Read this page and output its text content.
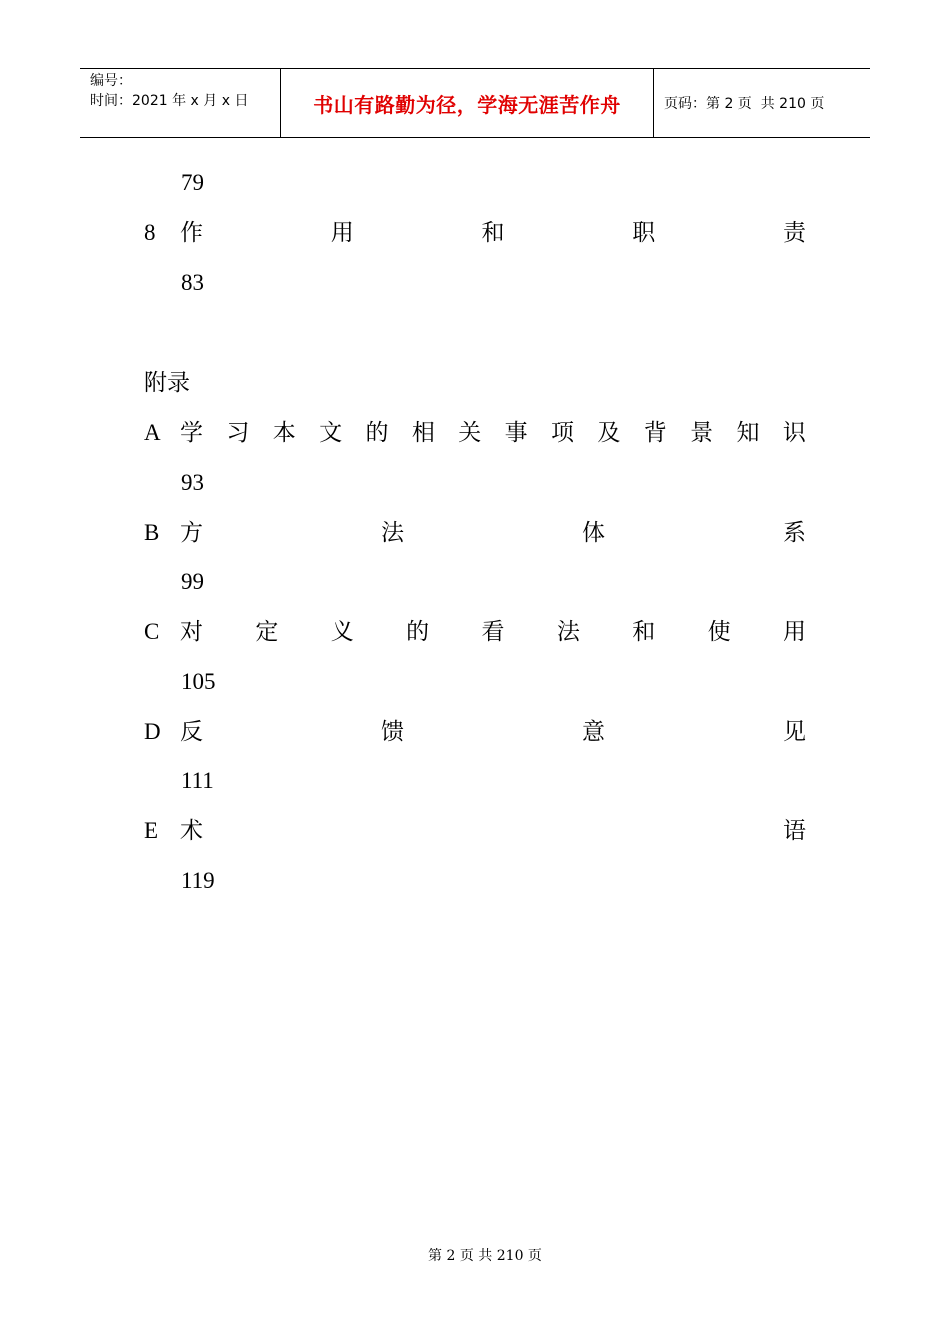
编号：
时间：2021 年 x 月 x 日	书山有路勤为径，学海无涯苦作舟	页码：第 2 页  共 210 页
79
8 作	用	和	职	责
83
附录
A 学 习 本 文 的 相 关 事 项 及 背 景 知 识
93
B 方	法	体	系
99
C 对 定 义 的 看 法 和 使 用
105
D 反	馈	意	见
111
E 术	语
119
第 2 页 共 210 页
